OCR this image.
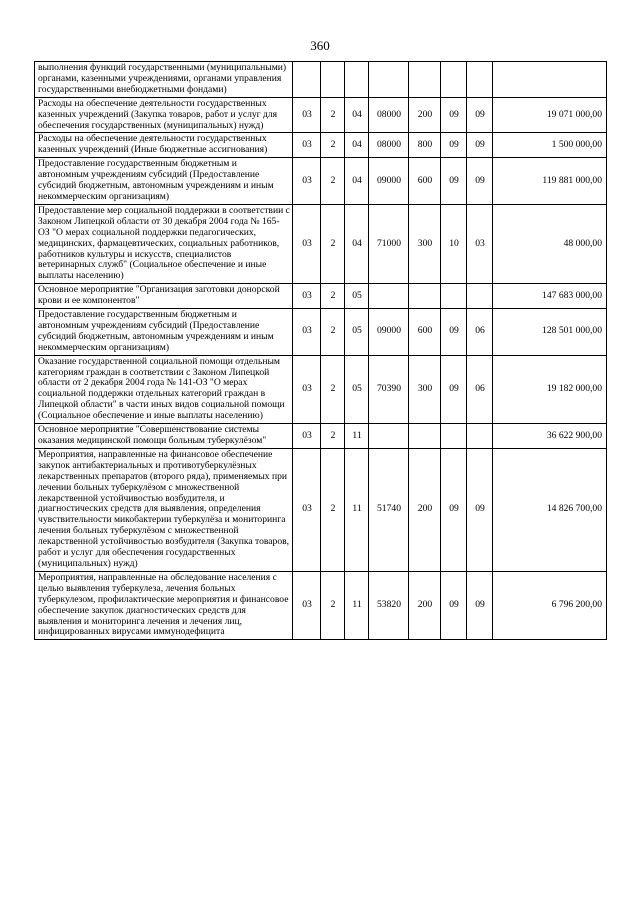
360
выполнения функций государственными (муниципальными) органами, казенными учреждениями, органами управления государственными внебюджетными фондами)								
Расходы на обеспечение деятельности государственных казенных учреждений (Закупка товаров, работ и услуг для обеспечения государственных (муниципальных) нужд)	03	2	04	08000	200	09	09	19 071 000,00
Расходы на обеспечение деятельности государственных казенных учреждений (Иные бюджетные ассигнования)	03	2	04	08000	800	09	09	1 500 000,00
Предоставление государственным бюджетным и автономным учреждениям субсидий (Предоставление субсидий бюджетным, автономным учреждениям и иным некоммерческим организациям)	03	2	04	09000	600	09	09	119 881 000,00
Предоставление мер социальной поддержки в соответствии с Законом Липецкой области от 30 декабря 2004 года № 165-ОЗ "О мерах социальной поддержки педагогических, медицинских, фармацевтических, социальных работников, работников культуры и искусств, специалистов ветеринарных служб" (Социальное обеспечение и иные выплаты населению)	03	2	04	71000	300	10	03	48 000,00
Основное мероприятие "Организация заготовки донорской крови и ее компонентов"	03	2	05					147 683 000,00
Предоставление государственным бюджетным и автономным учреждениям субсидий (Предоставление субсидий бюджетным, автономным учреждениям и иным некоммерческим организациям)	03	2	05	09000	600	09	06	128 501 000,00
Оказание государственной социальной помощи отдельным категориям граждан в соответствии с Законом Липецкой области от 2 декабря 2004 года № 141-ОЗ "О мерах социальной поддержки отдельных категорий граждан в Липецкой области" в части иных видов социальной помощи (Социальное обеспечение и иные выплаты населению)	03	2	05	70390	300	09	06	19 182 000,00
Основное мероприятие "Совершенствование системы оказания медицинской помощи больным туберкулёзом"	03	2	11					36 622 900,00
Мероприятия, направленные на финансовое обеспечение закупок антибактериальных и противотуберкулёзных лекарственных препаратов (второго ряда), применяемых при лечении больных туберкулёзом с множественной лекарственной устойчивостью возбудителя, и диагностических средств для выявления, определения чувствительности микобактерии туберкулёза и мониторинга лечения больных туберкулёзом с множественной лекарственной устойчивостью возбудителя (Закупка товаров, работ и услуг для обеспечения государственных (муниципальных) нужд)	03	2	11	51740	200	09	09	14 826 700,00
Мероприятия, направленные на обследование населения с целью выявления туберкулеза, лечения больных туберкулезом, профилактические мероприятия и финансовое обеспечение закупок диагностических средств для выявления и мониторинга лечения и лечения лиц, инфицированных вирусами иммунодефицита	03	2	11	53820	200	09	09	6 796 200,00
